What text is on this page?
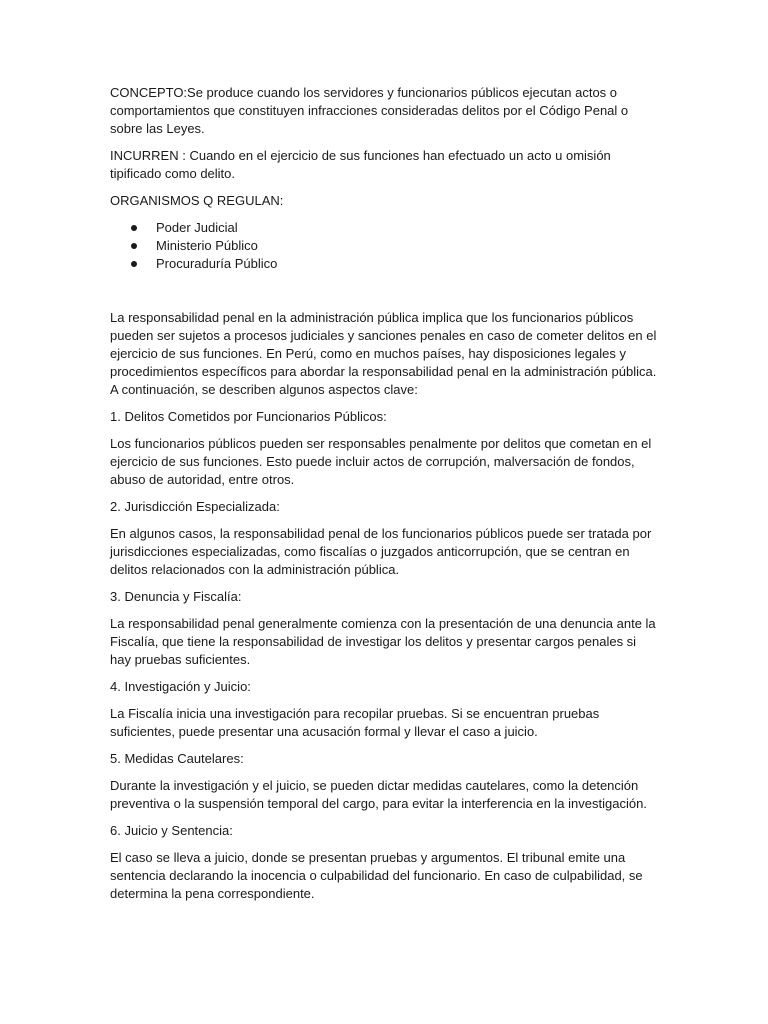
CONCEPTO:Se produce cuando los servidores y funcionarios públicos ejecutan actos o comportamientos que constituyen infracciones consideradas delitos por el Código Penal o sobre las Leyes.

INCURREN : Cuando en el ejercicio de sus funciones han efectuado un acto u omisión tipificado como delito.

ORGANISMOS Q REGULAN:

Poder Judicial
Ministerio Público
Procuraduría Público

La responsabilidad penal en la administración pública implica que los funcionarios públicos pueden ser sujetos a procesos judiciales y sanciones penales en caso de cometer delitos en el ejercicio de sus funciones. En Perú, como en muchos países, hay disposiciones legales y procedimientos específicos para abordar la responsabilidad penal en la administración pública. A continuación, se describen algunos aspectos clave:

1. Delitos Cometidos por Funcionarios Públicos:

Los funcionarios públicos pueden ser responsables penalmente por delitos que cometan en el ejercicio de sus funciones. Esto puede incluir actos de corrupción, malversación de fondos, abuso de autoridad, entre otros.

2. Jurisdicción Especializada:

En algunos casos, la responsabilidad penal de los funcionarios públicos puede ser tratada por jurisdicciones especializadas, como fiscalías o juzgados anticorrupción, que se centran en delitos relacionados con la administración pública.

3. Denuncia y Fiscalía:

La responsabilidad penal generalmente comienza con la presentación de una denuncia ante la Fiscalía, que tiene la responsabilidad de investigar los delitos y presentar cargos penales si hay pruebas suficientes.

4. Investigación y Juicio:

La Fiscalía inicia una investigación para recopilar pruebas. Si se encuentran pruebas suficientes, puede presentar una acusación formal y llevar el caso a juicio.

5. Medidas Cautelares:

Durante la investigación y el juicio, se pueden dictar medidas cautelares, como la detención preventiva o la suspensión temporal del cargo, para evitar la interferencia en la investigación.

6. Juicio y Sentencia:

El caso se lleva a juicio, donde se presentan pruebas y argumentos. El tribunal emite una sentencia declarando la inocencia o culpabilidad del funcionario. En caso de culpabilidad, se determina la pena correspondiente.
